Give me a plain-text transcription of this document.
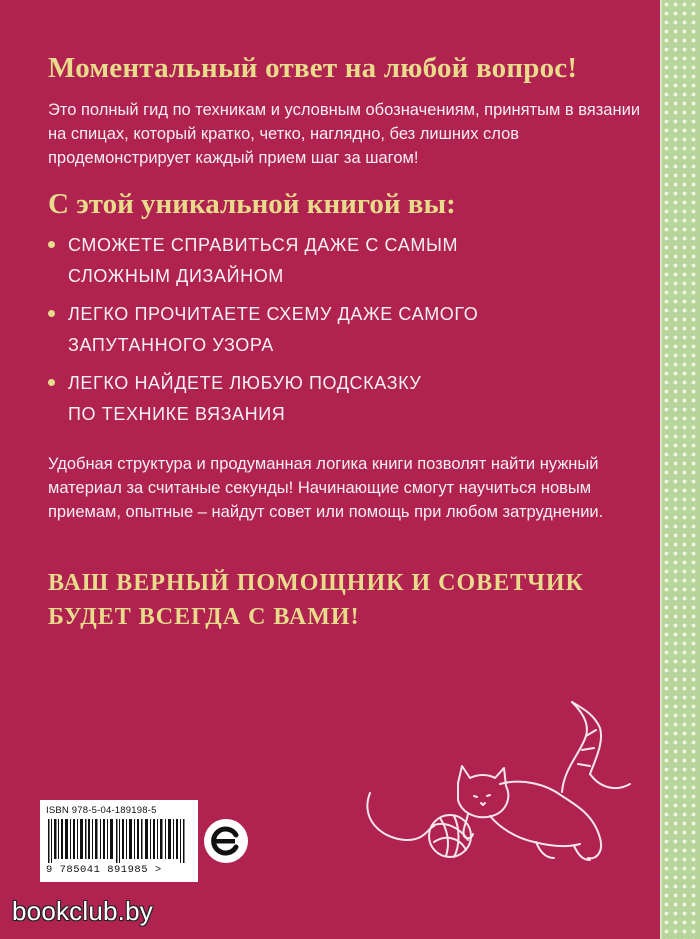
Моментальный ответ на любой вопрос!

Это полный гид по техникам и условным обозначениям, принятым в вязании на спицах, который кратко, четко, наглядно, без лишних слов продемонстрирует каждый прием шаг за шагом!

С этой уникальной книгой вы:
СМОЖЕТЕ СПРАВИТЬСЯ ДАЖЕ С САМЫМ
СЛОЖНЫМ ДИЗАЙНОМ
ЛЕГКО ПРОЧИТАЕТЕ СХЕМУ ДАЖЕ САМОГО
ЗАПУТАННОГО УЗОРА
ЛЕГКО НАЙДЕТЕ ЛЮБУЮ ПОДСКАЗКУ
ПО ТЕХНИКЕ ВЯЗАНИЯ

Удобная структура и продуманная логика книги позволят найти нужный материал за считаные секунды! Начинающие смогут научиться новым приемам, опытные – найдут совет или помощь при любом затруднении.

ВАШ ВЕРНЫЙ ПОМОЩНИК И СОВЕТЧИК
БУДЕТ ВСЕГДА С ВАМИ!

ISBN 978-5-04-189198-5
9 785041 891985 >

bookclub.by
